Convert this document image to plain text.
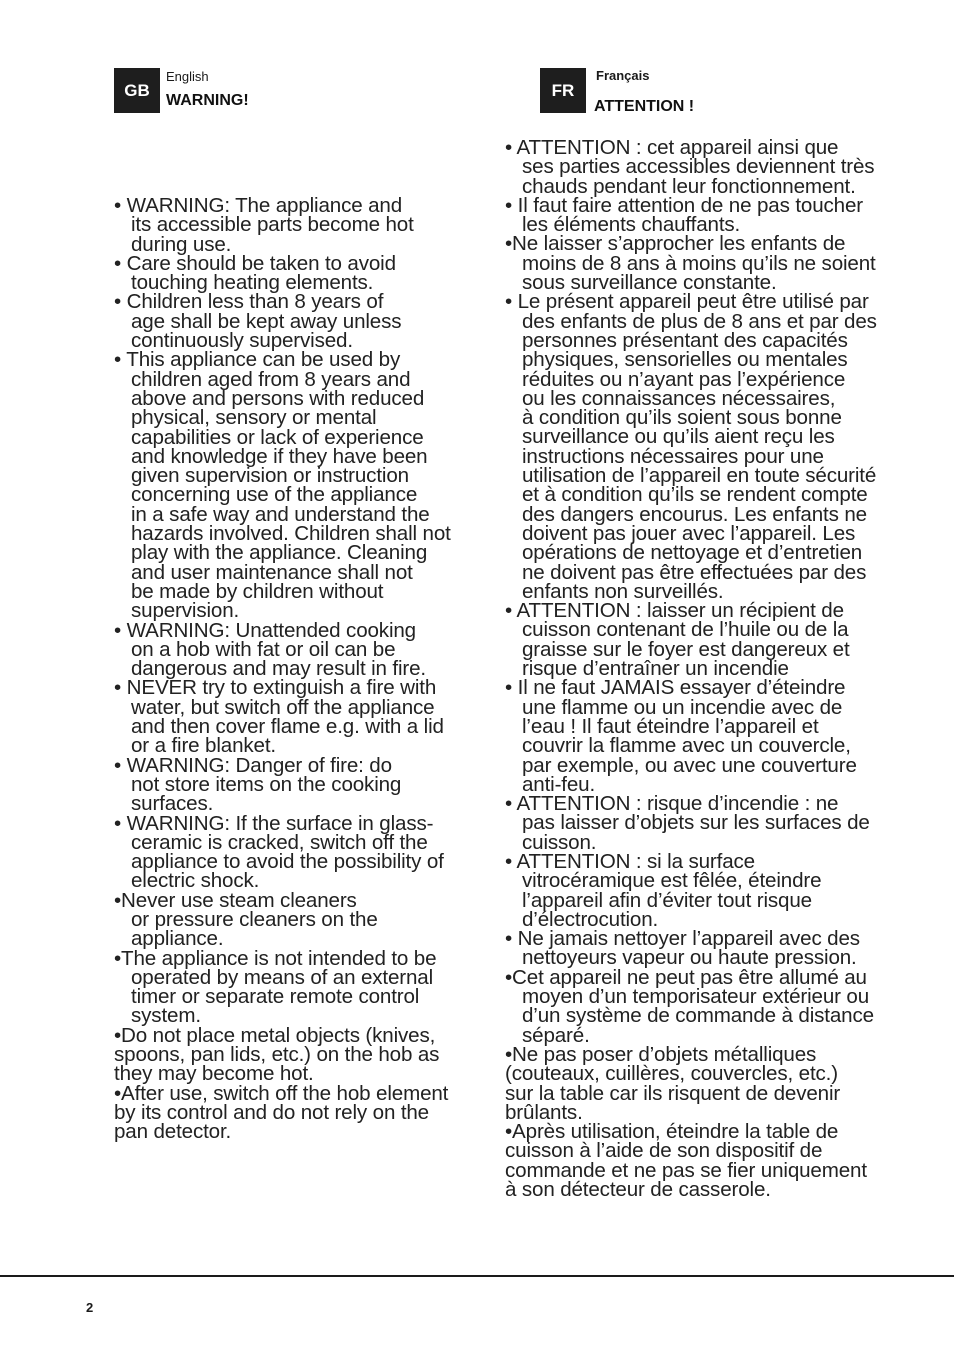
GB
English
WARNING!
FR
Français
ATTENTION !
• WARNING: The appliance and
its accessible parts become hot
during use.
• Care should be taken to avoid
touching heating elements.
• Children less than 8 years of
age shall be kept away unless
continuously supervised.
• This appliance can be used by
children aged from 8 years and
above and persons with reduced
physical, sensory or mental
capabilities or lack of experience
and knowledge if they have been
given supervision or instruction
concerning use of the appliance
in a safe way and understand the
hazards involved. Children shall not
play with the appliance. Cleaning
and user maintenance shall not
be made by children without
supervision.
• WARNING: Unattended cooking
on a hob with fat or oil can be
dangerous and may result in fire.
• NEVER try to extinguish a fire with
water, but switch off the appliance
and then cover flame e.g. with a lid
or a fire blanket.
• WARNING: Danger of fire: do
not store items on the cooking
surfaces.
• WARNING: If the surface in glass-
ceramic is cracked, switch off the
appliance to avoid the possibility of
electric shock.
•Never use steam cleaners
or pressure cleaners on the
appliance.
•The appliance is not intended to be
operated by means of an external
timer or separate remote control
system.
•Do not place metal objects (knives,
spoons, pan lids, etc.) on the hob as
they may become hot.
•After use, switch off the hob element
by its control and do not rely on the
pan detector.
• ATTENTION : cet appareil ainsi que
ses parties accessibles deviennent très
chauds pendant leur fonctionnement.
• Il faut faire attention de ne pas toucher
les éléments chauffants.
•Ne laisser s’approcher les enfants de
moins de 8 ans à moins qu’ils ne soient
sous surveillance constante.
• Le présent appareil peut être utilisé par
des enfants de plus de 8 ans et par des
personnes présentant des capacités
physiques, sensorielles ou mentales
réduites ou n’ayant pas l’expérience
ou les connaissances nécessaires,
à condition qu’ils soient sous bonne
surveillance ou qu’ils aient reçu les
instructions nécessaires pour une
utilisation de l’appareil en toute sécurité
et à condition qu’ils se rendent compte
des dangers encourus. Les enfants ne
doivent pas jouer avec l’appareil. Les
opérations de nettoyage et d’entretien
ne doivent pas être effectuées par des
enfants non surveillés.
• ATTENTION : laisser un récipient de
cuisson contenant de l’huile ou de la
graisse sur le foyer est dangereux et
risque d’entraîner un incendie
• Il ne faut JAMAIS essayer d’éteindre
une flamme ou un incendie avec de
l’eau ! Il faut éteindre l’appareil et
couvrir la flamme avec un couvercle,
par exemple, ou avec une couverture
anti-feu.
• ATTENTION : risque d’incendie : ne
pas laisser d’objets sur les surfaces de
cuisson.
• ATTENTION : si la surface
vitrocéramique est fêlée, éteindre
l’appareil afin d’éviter tout risque
d’électrocution.
• Ne jamais nettoyer l’appareil avec des
nettoyeurs vapeur ou haute pression.
•Cet appareil ne peut pas être allumé au
moyen d’un temporisateur extérieur ou
d’un système de commande à distance
séparé.
•Ne pas poser d’objets métalliques
(couteaux, cuillères, couvercles, etc.)
sur la table car ils risquent de devenir
brûlants.
•Après utilisation, éteindre la table de
cuisson à l’aide de son dispositif de
commande et ne pas se fier uniquement
à son détecteur de casserole.
2
